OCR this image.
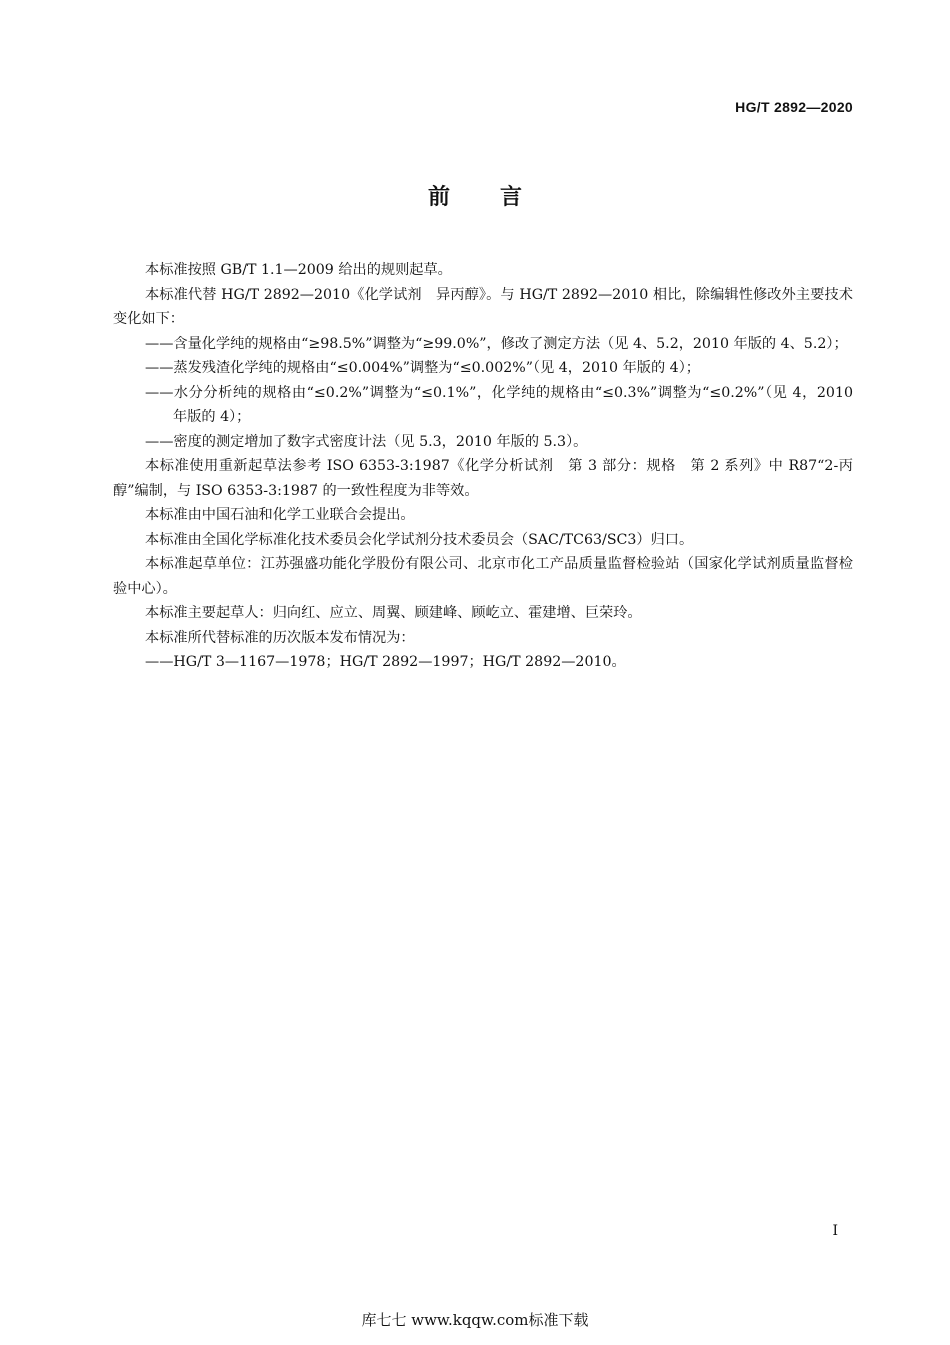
HG/T 2892—2020
前言

本标准按照 GB/T 1.1—2009 给出的规则起草。

本标准代替 HG/T 2892—2010《化学试剂　异丙醇》。与 HG/T 2892—2010 相比，除编辑性修改外主要技术变化如下：

——含量化学纯的规格由“≥98.5%”调整为“≥99.0%”，修改了测定方法（见 4、5.2，2010 年版的 4、5.2）；

——蒸发残渣化学纯的规格由“≤0.004%”调整为“≤0.002%”（见 4，2010 年版的 4）；

——水分分析纯的规格由“≤0.2%”调整为“≤0.1%”，化学纯的规格由“≤0.3%”调整为“≤0.2%”（见 4，2010 年版的 4）；

——密度的测定增加了数字式密度计法（见 5.3，2010 年版的 5.3）。

本标准使用重新起草法参考 ISO 6353-3:1987《化学分析试剂　第 3 部分：规格　第 2 系列》中 R87“2-丙醇”编制，与 ISO 6353-3:1987 的一致性程度为非等效。

本标准由中国石油和化学工业联合会提出。

本标准由全国化学标准化技术委员会化学试剂分技术委员会（SAC/TC63/SC3）归口。

本标准起草单位：江苏强盛功能化学股份有限公司、北京市化工产品质量监督检验站（国家化学试剂质量监督检验中心）。

本标准主要起草人：归向红、应立、周翼、顾建峰、顾屹立、霍建增、巨荣玲。

本标准所代替标准的历次版本发布情况为：

——HG/T 3—1167—1978；HG/T 2892—1997；HG/T 2892—2010。

I
库七七 www.kqqw.com标准下载
